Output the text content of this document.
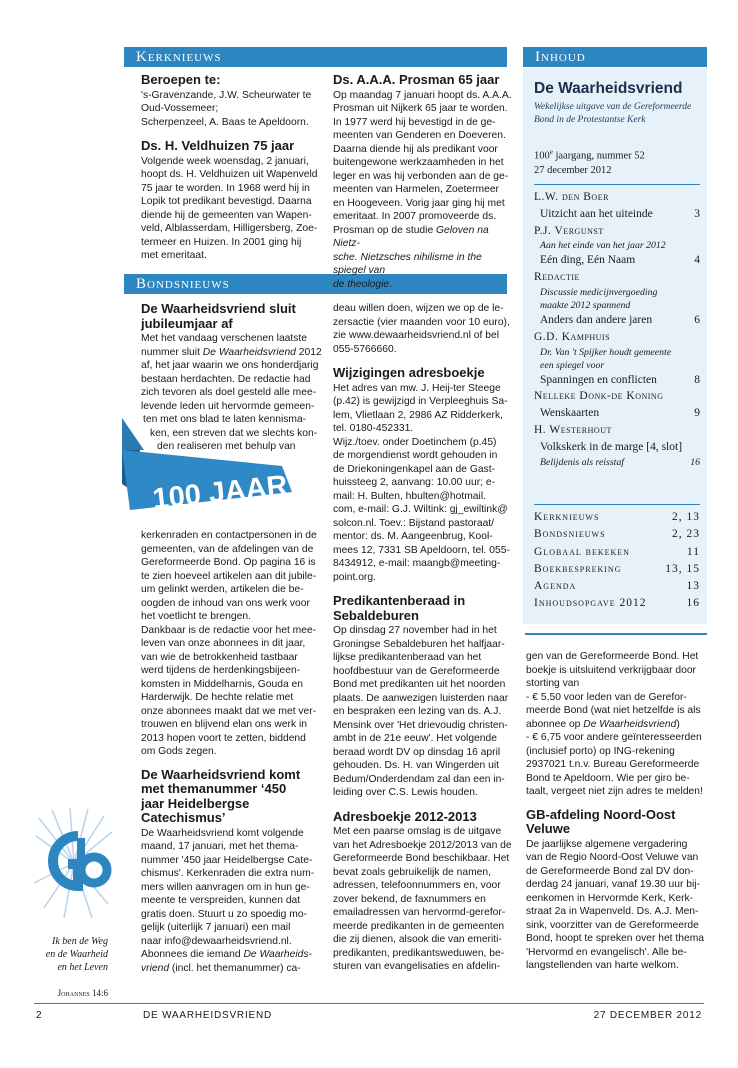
Kerknieuws	Inhoud
Bondsnieuws
Beroepen te:

's-Gravenzande, J.W. Scheurwater te

Oud-Vossemeer;

Scherpenzeel, A. Baas te Apeldoorn.

Ds. H. Veldhuizen 75 jaar

Volgende week woensdag, 2 januari,

hoopt ds. H. Veldhuizen uit Wapenveld

75 jaar te worden. In 1968 werd hij in

Lopik tot predikant bevestigd. Daarna

diende hij de gemeenten van Wapen-

veld, Alblasserdam, Hilligersberg, Zoe-

termeer en Huizen. In 2001 ging hij

met emeritaat.

Ds. A.A.A. Prosman 65 jaar

Op maandag 7 januari hoopt ds. A.A.A.

Prosman uit Nijkerk 65 jaar te worden.

In 1977 werd hij bevestigd in de ge-

meenten van Genderen en Doeveren.

Daarna diende hij als predikant voor

buitengewone werkzaamheden in het

leger en was hij verbonden aan de ge-

meenten van Harmelen, Zoetermeer

en Hoogeveen. Vorig jaar ging hij met

emeritaat. In 2007 promoveerde ds.

Prosman op de studie Geloven na Nietz-

sche. Nietzsches nihilisme in the spiegel van

de theologie.

De Waarheidsvriend sluit
jubileumjaar af

Met het vandaag verschenen laatste

nummer sluit De Waarheidsvriend 2012

af, het jaar waarin we ons honderdjarig

bestaan herdachten. De redactie had

zich tevoren als doel gesteld alle mee-

levende leden uit hervormde gemeen-

ten met ons blad te laten kennisma-

ken, een streven dat we slechts kon-

den realiseren met behulp van

100 JAAR

kerkenraden en contactpersonen in de

gemeenten, van de afdelingen van de

Gereformeerde Bond. Op pagina 16 is

te zien hoeveel artikelen aan dit jubile-

um gelinkt werden, artikelen die be-

oogden de inhoud van ons werk voor

het voetlicht te brengen.

Dankbaar is de redactie voor het mee-

leven van onze abonnees in dit jaar,

van wie de betrokkenheid tastbaar

werd tijdens de herdenkingsbijeen-

komsten in Middelharnis, Gouda en

Harderwijk. De hechte relatie met

onze abonnees maakt dat we met ver-

trouwen en blijvend elan ons werk in

2013 hopen voort te zetten, biddend

om Gods zegen.

De Waarheidsvriend komt
met themanummer ‘450
jaar Heidelbergse
Catechismus’

De Waarheidsvriend komt volgende

maand, 17 januari, met het thema-

nummer '450 jaar Heidelbergse Cate-

chismus'. Kerkenraden die extra num-

mers willen aanvragen om in hun ge-

meente te verspreiden, kunnen dat

gratis doen. Stuurt u zo spoedig mo-

gelijk (uiterlijk 7 januari) een mail

naar info@dewaarheidsvriend.nl.

Abonnees die iemand De Waarheids-

vriend (incl. het themanummer) ca-

deau willen doen, wijzen we op de le-

zersactie (vier maanden voor 10 euro),

zie www.dewaarheidsvriend.nl of bel

055-5766660.

Wijzigingen adresboekje

Het adres van mw. J. Heij-ter Steege

(p.42) is gewijzigd in Verpleeghuis Sa-

lem, Vlietlaan 2, 2986 AZ Ridderkerk,

tel. 0180-452331.

Wijz./toev. onder Doetinchem (p.45)

de morgendienst wordt gehouden in

de Driekoningenkapel aan de Gast-

huissteeg 2, aanvang: 10.00 uur; e-

mail: H. Bulten, hbulten@hotmail.

com, e-mail: G.J. Wiltink: gj_ewiltink@

solcon.nl. Toev.: Bijstand pastoraat/

mentor: ds. M. Aangeenbrug, Kool-

mees 12, 7331 SB Apeldoorn, tel. 055-

8434912, e-mail: maangb@meeting-

point.org.

Predikantenberaad in
Sebaldeburen

Op dinsdag 27 november had in het

Groningse Sebaldeburen het halfjaar-

lijkse predikantenberaad van het

hoofdbestuur van de Gereformeerde

Bond met predikanten uit het noorden

plaats. De aanwezigen luisterden naar

en bespraken een lezing van ds. A.J.

Mensink over 'Het drievoudig christen-

ambt in de 21e eeuw'. Het volgende

beraad wordt DV op dinsdag 16 april

gehouden. Ds. H. van Wingerden uit

Bedum/Onderdendam zal dan een in-

leiding over C.S. Lewis houden.

Adresboekje 2012-2013

Met een paarse omslag is de uitgave

van het Adresboekje 2012/2013 van de

Gereformeerde Bond beschikbaar. Het

bevat zoals gebruikelijk de namen,

adressen, telefoonnummers en, voor

zover bekend, de faxnummers en

emailadressen van hervormd-gerefor-

meerde predikanten in de gemeenten

die zij dienen, alsook die van emeriti-

predikanten, predikantsweduwen, be-

sturen van evangelisaties en afdelin-

De Waarheidsvriend
Wekelijkse uitgave van de Gereformeerde Bond in de Protestantse Kerk
100e jaargang, nummer 52
27 december 2012
L.W. den Boer
Uitzicht aan het uiteinde	3
P.J. Vergunst
Aan het einde van het jaar 2012
Eén ding, Eén Naam	4
Redactie
Discussie medicijnvergoeding
maakte 2012 spannend
Anders dan andere jaren	6
G.D. Kamphuis
Dr. Van 't Spijker houdt gemeente
een spiegel voor
Spanningen en conflicten	8
Nelleke Donk-de Koning
Wenskaarten	9
H. Westerhout
Volkskerk in de marge [4, slot]
Belijdenis als reisstaf	16
Kerknieuws	2, 13
Bondsnieuws	2, 23
Globaal bekeken	11
Boekbespreking	13, 15
Agenda	13
Inhoudsopgave 2012	16

gen van de Gereformeerde Bond. Het

boekje is uitsluitend verkrijgbaar door

storting van

- € 5,50 voor leden van de Gerefor-

meerde Bond (wat niet hetzelfde is als

abonnee op De Waarheidsvriend)

- € 6,75 voor andere geïnteresseerden

(inclusief porto) op ING-rekening

2937021 t.n.v. Bureau Gereformeerde

Bond te Apeldoorn. Wie per giro be-

taalt, vergeet niet zijn adres te melden!

GB-afdeling Noord-Oost
Veluwe

De jaarlijkse algemene vergadering

van de Regio Noord-Oost Veluwe van

de Gereformeerde Bond zal DV don-

derdag 24 januari, vanaf 19.30 uur bij-

eenkomen in Hervormde Kerk, Kerk-

straat 2a in Wapenveld. Ds. A.J. Men-

sink, voorzitter van de Gereformeerde

Bond, hoopt te spreken over het thema

'Hervormd en evangelisch'. Alle be-

langstellenden van harte welkom.

Ik ben de Weg
en de Waarheid
en het Leven
Johannes 14:6
2	DE WAARHEIDSVRIEND	27 DECEMBER 2012
